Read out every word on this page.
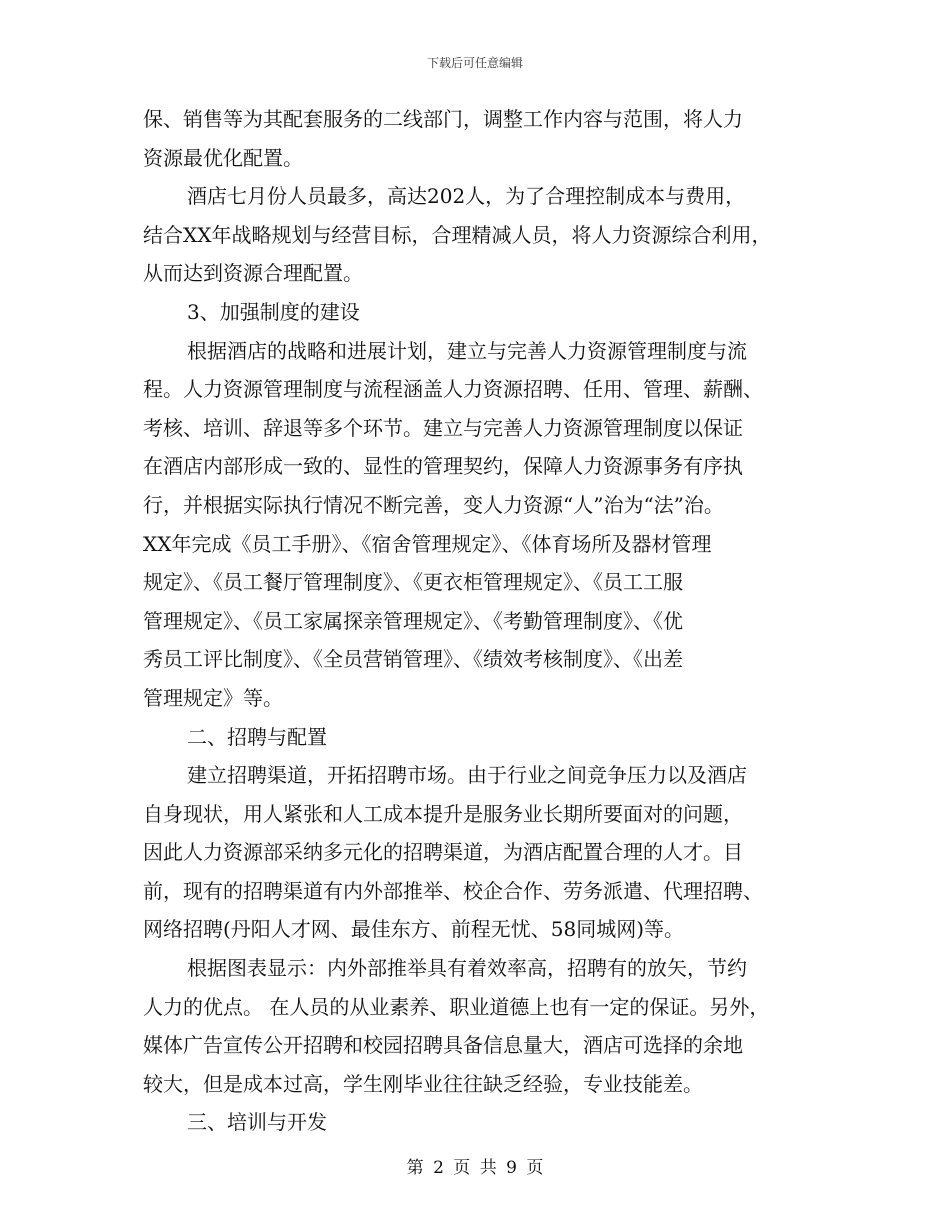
下载后可任意编辑
保、销售等为其配套服务的二线部门，调整工作内容与范围，将人力
资源最优化配置。
酒店七月份人员最多，高达202人，为了合理控制成本与费用，
结合XX年战略规划与经营目标，合理精减人员，将人力资源综合利用，
从而达到资源合理配置。
3、加强制度的建设
根据酒店的战略和进展计划，建立与完善人力资源管理制度与流
程。人力资源管理制度与流程涵盖人力资源招聘、任用、管理、薪酬、
考核、培训、辞退等多个环节。建立与完善人力资源管理制度以保证
在酒店内部形成一致的、显性的管理契约，保障人力资源事务有序执
行，并根据实际执行情况不断完善，变人力资源“人”治为“法”治。
XX年完成《员工手册》、《宿舍管理规定》、《体育场所及器材管理
规定》、《员工餐厅管理制度》、《更衣柜管理规定》、《员工工服
管理规定》、《员工家属探亲管理规定》、《考勤管理制度》、《优
秀员工评比制度》、《全员营销管理》、《绩效考核制度》、《出差
管理规定》等。
二、招聘与配置
建立招聘渠道，开拓招聘市场。由于行业之间竞争压力以及酒店
自身现状，用人紧张和人工成本提升是服务业长期所要面对的问题，
因此人力资源部采纳多元化的招聘渠道，为酒店配置合理的人才。目
前，现有的招聘渠道有内外部推举、校企合作、劳务派遣、代理招聘、
网络招聘(丹阳人才网、最佳东方、前程无忧、58同城网)等。
根据图表显示：内外部推举具有着效率高，招聘有的放矢，节约
人力的优点。 在人员的从业素养、职业道德上也有一定的保证。另外，
媒体广告宣传公开招聘和校园招聘具备信息量大，酒店可选择的余地
较大，但是成本过高，学生刚毕业往往缺乏经验，专业技能差。
三、培训与开发
第 2 页 共 9 页
